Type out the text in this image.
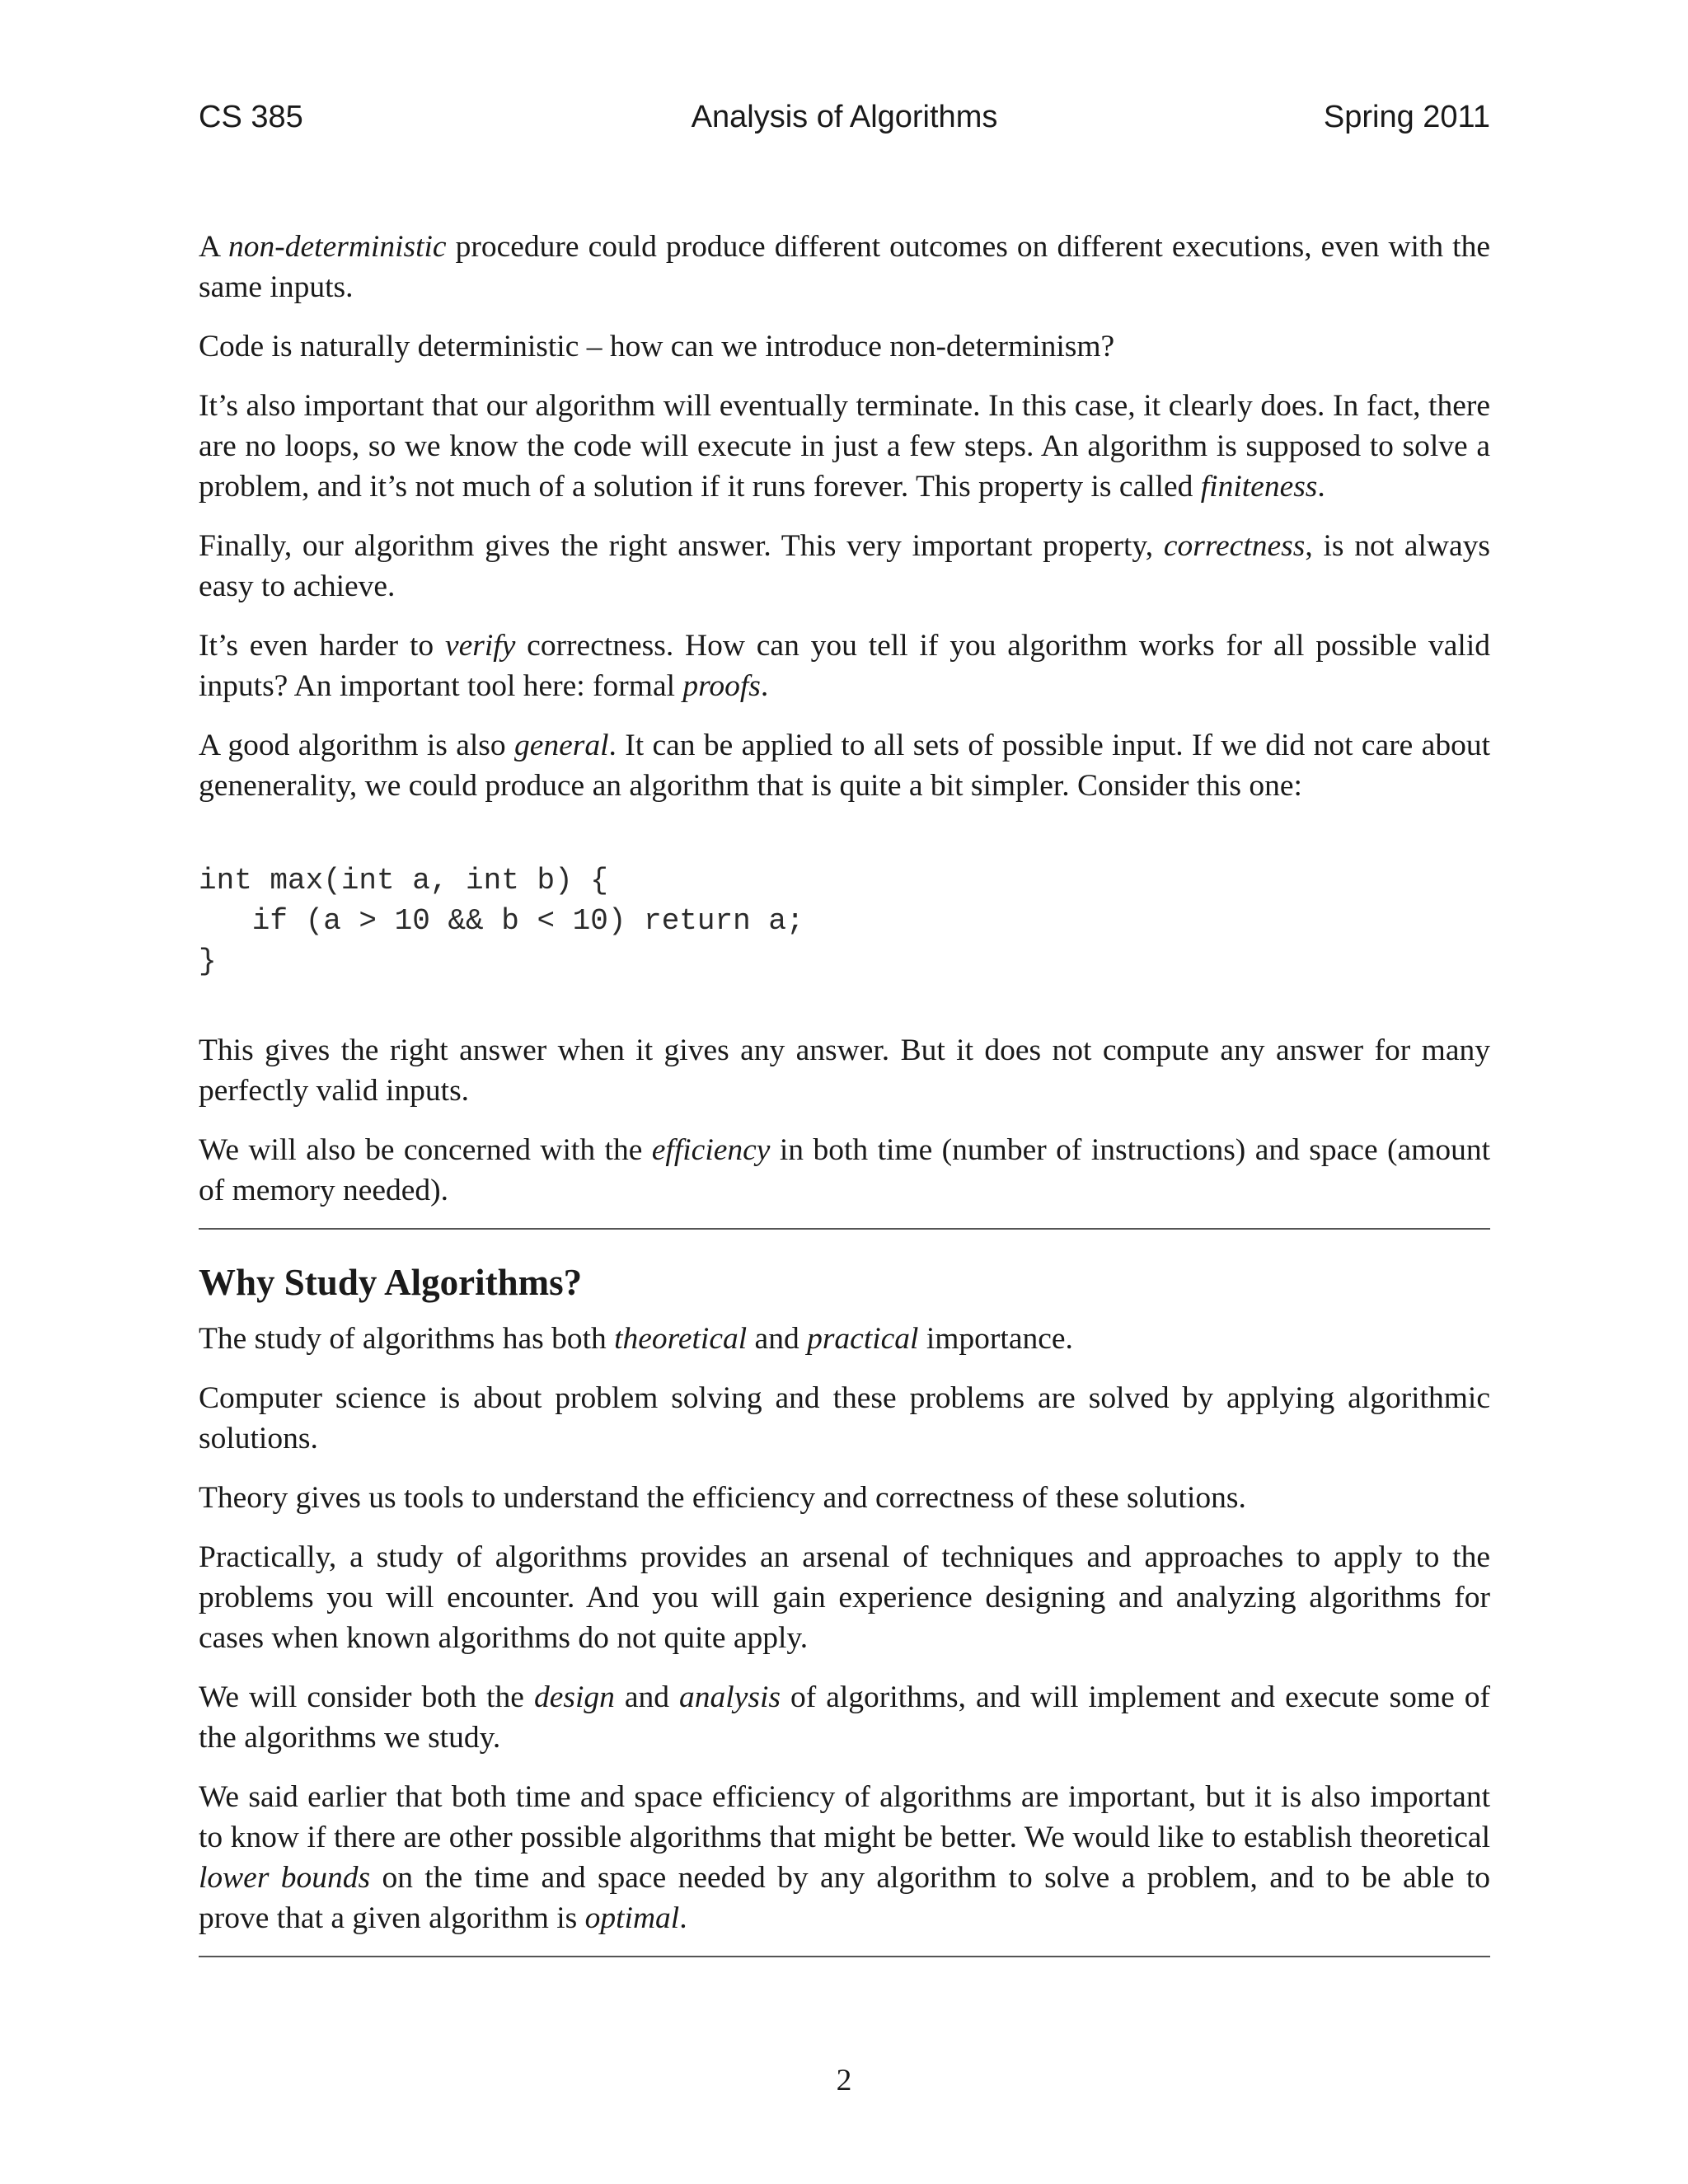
CS 385	Analysis of Algorithms	Spring 2011

A non-deterministic procedure could produce different outcomes on different executions, even with the same inputs.

Code is naturally deterministic – how can we introduce non-determinism?

It’s also important that our algorithm will eventually terminate. In this case, it clearly does. In fact, there are no loops, so we know the code will execute in just a few steps. An algorithm is supposed to solve a problem, and it’s not much of a solution if it runs forever. This property is called finiteness.

Finally, our algorithm gives the right answer. This very important property, correctness, is not always easy to achieve.

It’s even harder to verify correctness. How can you tell if you algorithm works for all possible valid inputs? An important tool here: formal proofs.

A good algorithm is also general. It can be applied to all sets of possible input. If we did not care about genenerality, we could produce an algorithm that is quite a bit simpler. Consider this one:

int max(int a, int b) {
if (a > 10 && b < 10) return a;
}

This gives the right answer when it gives any answer. But it does not compute any answer for many perfectly valid inputs.

We will also be concerned with the efficiency in both time (number of instructions) and space (amount of memory needed).

Why Study Algorithms?

The study of algorithms has both theoretical and practical importance.

Computer science is about problem solving and these problems are solved by applying algorithmic solutions.

Theory gives us tools to understand the efficiency and correctness of these solutions.

Practically, a study of algorithms provides an arsenal of techniques and approaches to apply to the problems you will encounter. And you will gain experience designing and analyzing algorithms for cases when known algorithms do not quite apply.

We will consider both the design and analysis of algorithms, and will implement and execute some of the algorithms we study.

We said earlier that both time and space efficiency of algorithms are important, but it is also important to know if there are other possible algorithms that might be better. We would like to establish theoretical lower bounds on the time and space needed by any algorithm to solve a problem, and to be able to prove that a given algorithm is optimal.

2
